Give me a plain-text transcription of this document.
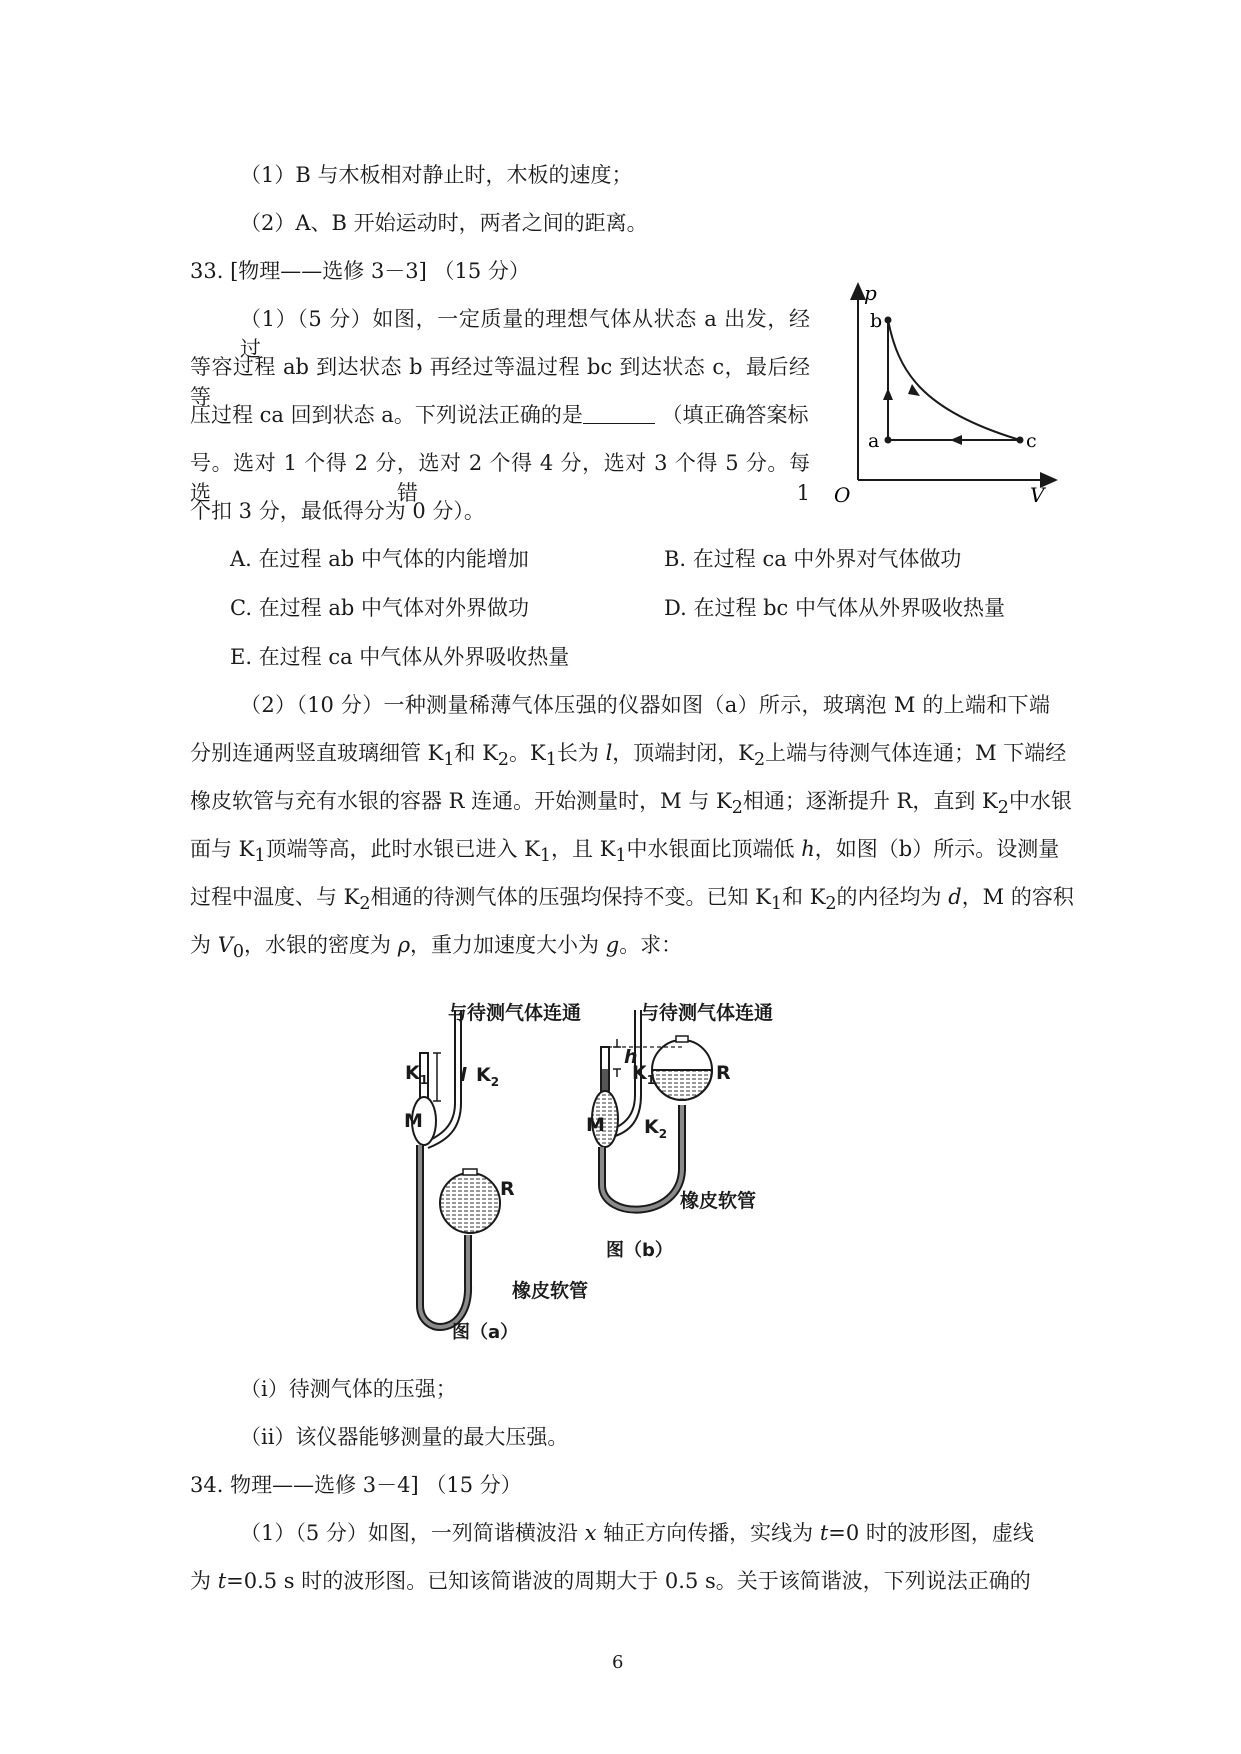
（1）B 与木板相对静止时，木板的速度；
（2）A、B 开始运动时，两者之间的距离。
33. [物理——选修 3－3] （15 分）
（1）（5 分）如图，一定质量的理想气体从状态 a 出发，经过
等容过程 ab 到达状态 b 再经过等温过程 bc 到达状态 c，最后经等
压过程 ca 回到状态 a。下列说法正确的是	（填正确答案标
号。选对 1 个得 2 分，选对 2 个得 4 分，选对 3 个得 5 分。每选错 1
个扣 3 分，最低得分为 0 分）。
p
V
O
a
b
c
A. 在过程 ab 中气体的内能增加	B. 在过程 ca 中外界对气体做功
C. 在过程 ab 中气体对外界做功	D. 在过程 bc 中气体从外界吸收热量
E. 在过程 ca 中气体从外界吸收热量
（2）（10 分）一种测量稀薄气体压强的仪器如图（a）所示，玻璃泡 M 的上端和下端
分别连通两竖直玻璃细管 $K_1$和 $K_2$。$K_1$长为 l，顶端封闭，$K_2$上端与待测气体连通；M 下端经
橡皮软管与充有水银的容器 R 连通。开始测量时，M 与 $K_2$相通；逐渐提升 R，直到 $K_2$中水银
面与 $K_1$顶端等高，此时水银已进入 $K_1$，且 $K_1$中水银面比顶端低 h，如图（b）所示。设测量
过程中温度、与 $K_2$相通的待测气体的压强均保持不变。已知 $K_1$和 $K_2$的内径均为 d，M 的容积
为 $V_0$，水银的密度为 ρ，重力加速度大小为 g。求：
与待测气体连通	与待测气体连通
$K_1$ l $K_2$
M
R
橡皮软管
图（a）
$K_1$
h
$K_2$
M
R
橡皮软管
图（b）
（i）待测气体的压强；
（ii）该仪器能够测量的最大压强。
34. 物理——选修 3－4] （15 分）
（1）（5 分）如图，一列简谐横波沿 x 轴正方向传播，实线为 t=0 时的波形图，虚线
为 t=0.5 s 时的波形图。已知该简谐波的周期大于 0.5 s。关于该简谐波，下列说法正确的
6
